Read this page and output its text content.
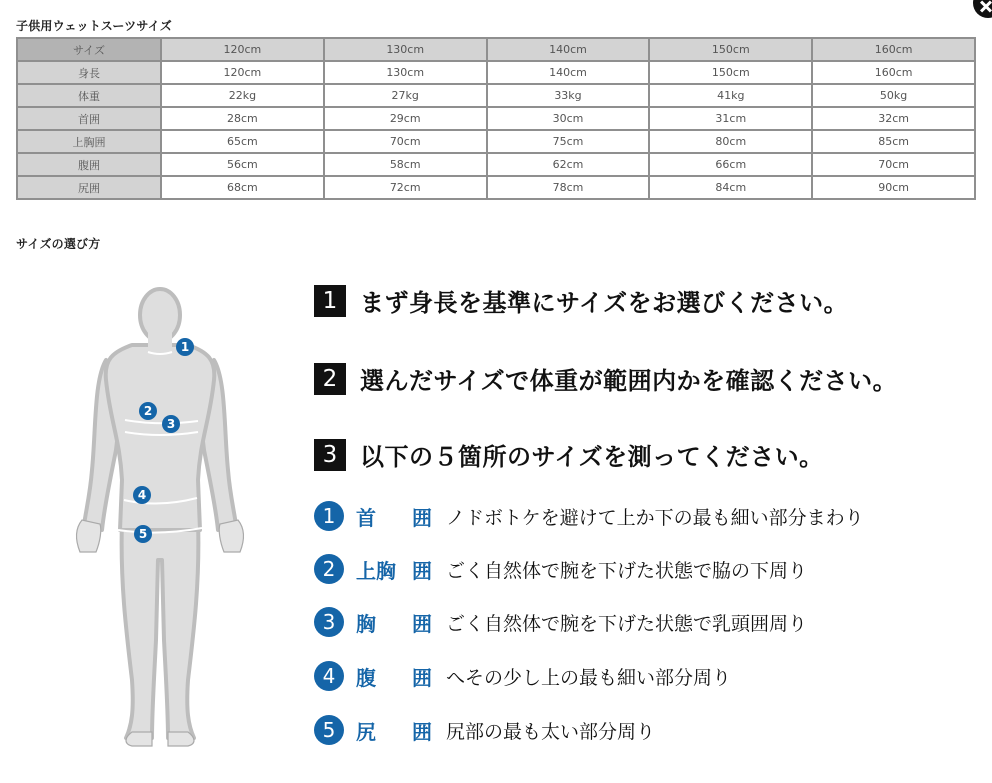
子供用ウェットスーツサイズ
サイズ	120cm	130cm	140cm	150cm	160cm
身長	120cm	130cm	140cm	150cm	160cm
体重	22kg	27kg	33kg	41kg	50kg
首囲	28cm	29cm	30cm	31cm	32cm
上胸囲	65cm	70cm	75cm	80cm	85cm
腹囲	56cm	58cm	62cm	66cm	70cm
尻囲	68cm	72cm	78cm	84cm	90cm
サイズの選び方
1
2
3
4
5
1 まず身長を基準にサイズをお選びください。
2 選んだサイズで体重が範囲内かを確認ください。
3 以下の５箇所のサイズを測ってください。
1	首 囲 ノドボトケを避けて上か下の最も細い部分まわり
2	上胸 囲 ごく自然体で腕を下げた状態で脇の下周り
3	胸 囲 ごく自然体で腕を下げた状態で乳頭囲周り
4	腹 囲 へその少し上の最も細い部分周り
5	尻 囲 尻部の最も太い部分周り
